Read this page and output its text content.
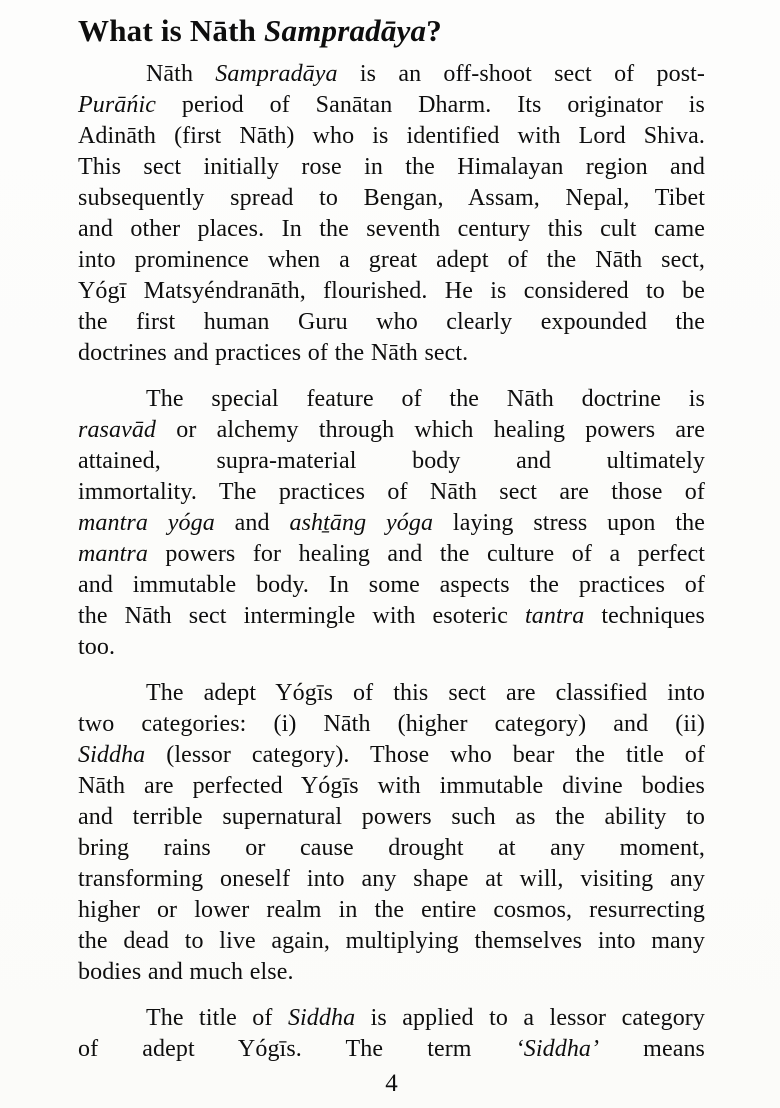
What is Nāth Sampradāya?
Nāth Sampradāya is an off-shoot sect of post-
Purāńic period of Sanātan Dharm. Its originator is
Adināth (first Nāth) who is identified with Lord Shiva.
This sect initially rose in the Himalayan region and
subsequently spread to Bengan, Assam, Nepal, Tibet
and other places. In the seventh century this cult came
into prominence when a great adept of the Nāth sect,
Yógī Matsyéndranāth, flourished. He is considered to be
the first human Guru who clearly expounded the
doctrines and practices of the Nāth sect.
The special feature of the Nāth doctrine is
rasavād or alchemy through which healing powers are
attained, supra-material body and ultimately
immortality. The practices of Nāth sect are those of
mantra yóga and ashṯāng yóga laying stress upon the
mantra powers for healing and the culture of a perfect
and immutable body. In some aspects the practices of
the Nāth sect intermingle with esoteric tantra techniques
too.
The adept Yógīs of this sect are classified into
two categories: (i) Nāth (higher category) and (ii)
Siddha (lessor category). Those who bear the title of
Nāth are perfected Yógīs with immutable divine bodies
and terrible supernatural powers such as the ability to
bring rains or cause drought at any moment,
transforming oneself into any shape at will, visiting any
higher or lower realm in the entire cosmos, resurrecting
the dead to live again, multiplying themselves into many
bodies and much else.
The title of Siddha is applied to a lessor category
of adept Yógīs. The term ‘Siddha’ means
4
